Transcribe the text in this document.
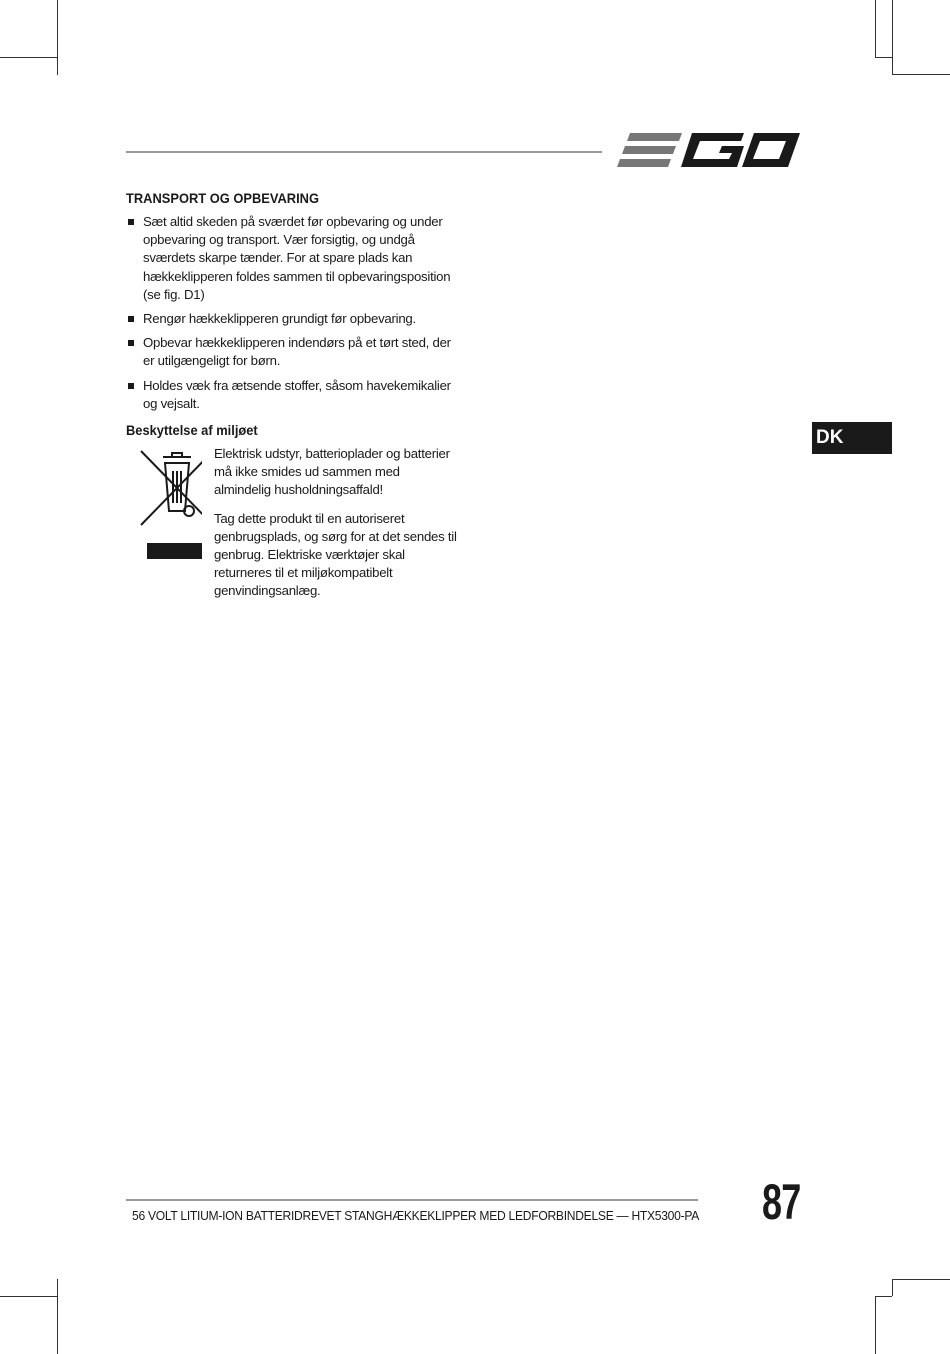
TRANSPORT OG OPBEVARING
Sæt altid skeden på sværdet før opbevaring og under opbevaring og transport. Vær forsigtig, og undgå sværdets skarpe tænder. For at spare plads kan hækkeklipperen foldes sammen til opbevaringsposition (se fig. D1)
Rengør hækkeklipperen grundigt før opbevaring.
Opbevar hækkeklipperen indendørs på et tørt sted, der er utilgængeligt for børn.
Holdes væk fra ætsende stoffer, såsom havekemikalier og vejsalt.
Beskyttelse af miljøet

Elektrisk udstyr, batterioplader og batterier må ikke smides ud sammen med almindelig husholdningsaffald!

Tag dette produkt til en autoriseret genbrugsplads, og sørg for at det sendes til genbrug. Elektriske værktøjer skal returneres til et miljøkompatibelt genvindingsanlæg.

DK
56 VOLT LITIUM-ION BATTERIDREVET STANGHÆKKEKLIPPER MED LEDFORBINDELSE — HTX5300-PA 87
